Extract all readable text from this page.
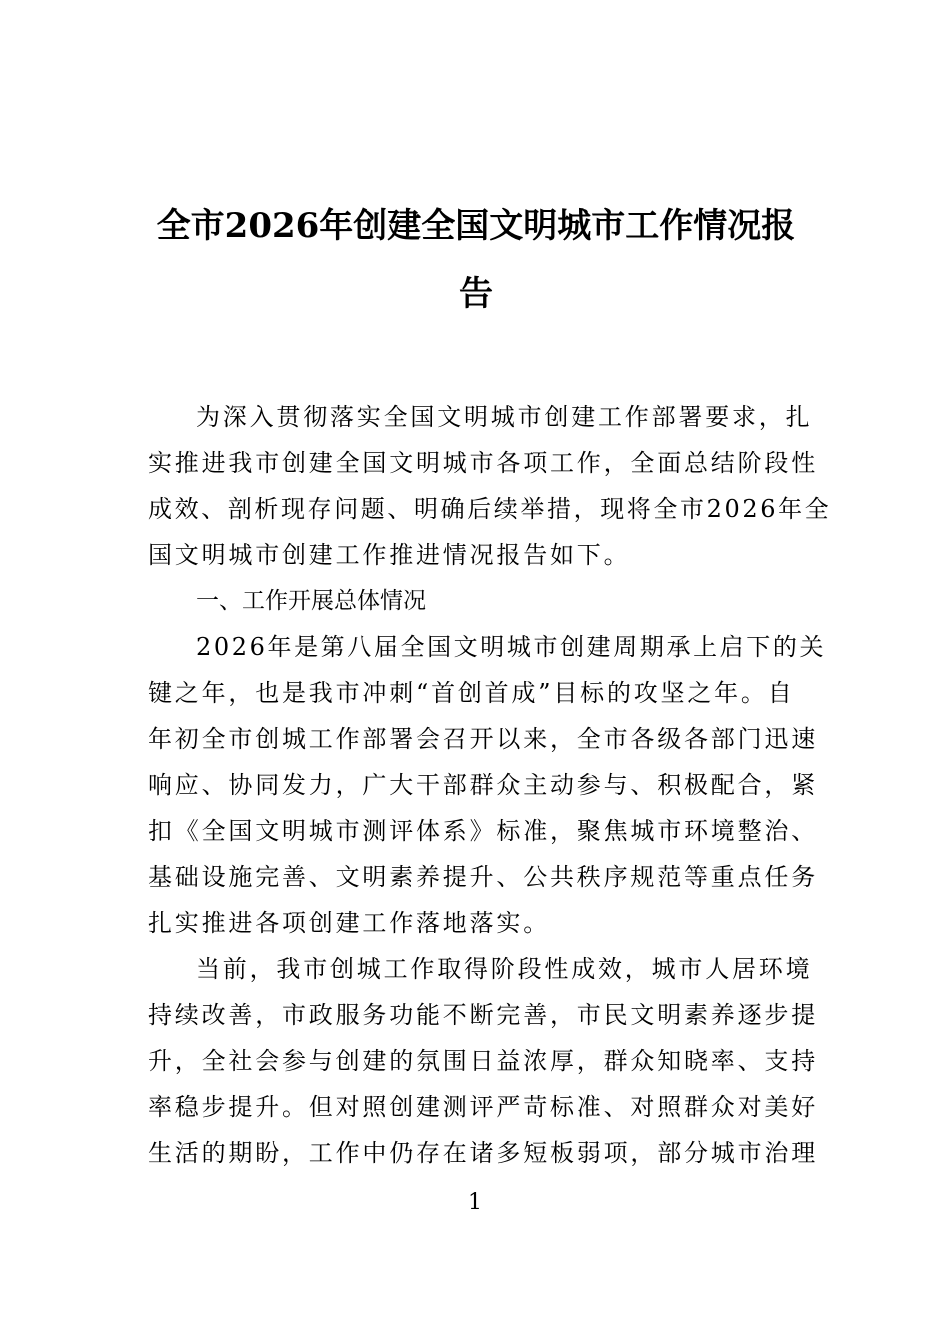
全市2026年创建全国文明城市工作情况报
告
为深入贯彻落实全国文明城市创建工作部署要求，扎
实推进我市创建全国文明城市各项工作，全面总结阶段性
成效、剖析现存问题、明确后续举措，现将全市2026年全
国文明城市创建工作推进情况报告如下。
一、工作开展总体情况
2026年是第八届全国文明城市创建周期承上启下的关
键之年，也是我市冲刺“首创首成”目标的攻坚之年。自
年初全市创城工作部署会召开以来，全市各级各部门迅速
响应、协同发力，广大干部群众主动参与、积极配合，紧
扣《全国文明城市测评体系》标准，聚焦城市环境整治、
基础设施完善、文明素养提升、公共秩序规范等重点任务
扎实推进各项创建工作落地落实。
当前，我市创城工作取得阶段性成效，城市人居环境
持续改善，市政服务功能不断完善，市民文明素养逐步提
升，全社会参与创建的氛围日益浓厚，群众知晓率、支持
率稳步提升。但对照创建测评严苛标准、对照群众对美好
生活的期盼，工作中仍存在诸多短板弱项，部分城市治理
1
